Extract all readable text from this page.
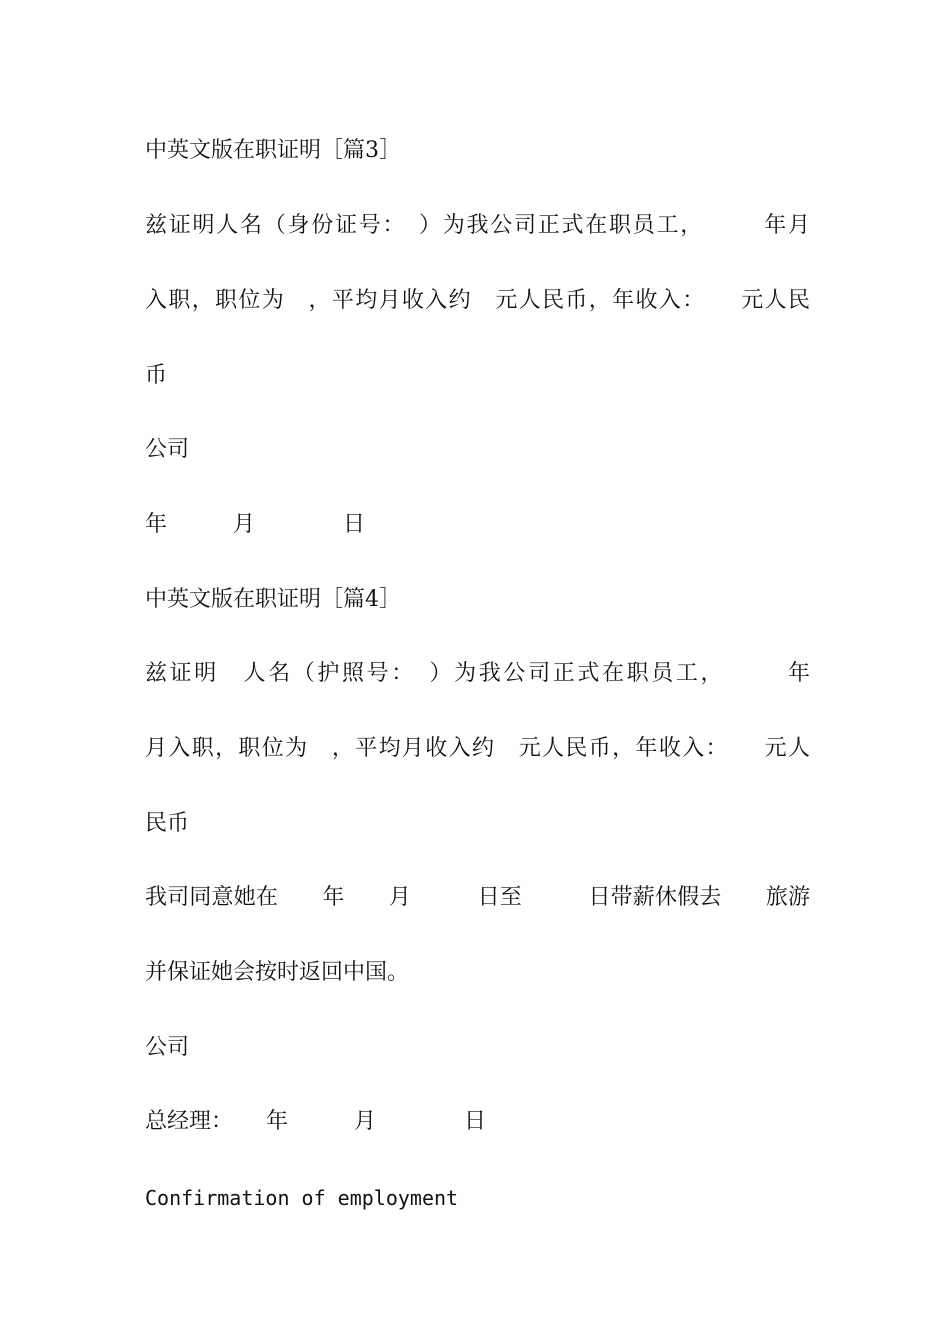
中英文版在职证明［篇3］
兹证明人名（身份证号：　）为我公司正式在职员工，　　　年月
入职，职位为　，平均月收入约　元人民币，年收入：　　元人民
币
公司
年　　　月　　　　日
中英文版在职证明［篇4］
兹证明　人名（护照号：　）为我公司正式在职员工，　　　年
月入职，职位为　，平均月收入约　元人民币，年收入：　　元人
民币
我司同意她在　　年　　月　　　日至　　　日带薪休假去　　旅游
并保证她会按时返回中国。
公司
总经理：　　年　　　月　　　　日
Confirmation of employment
